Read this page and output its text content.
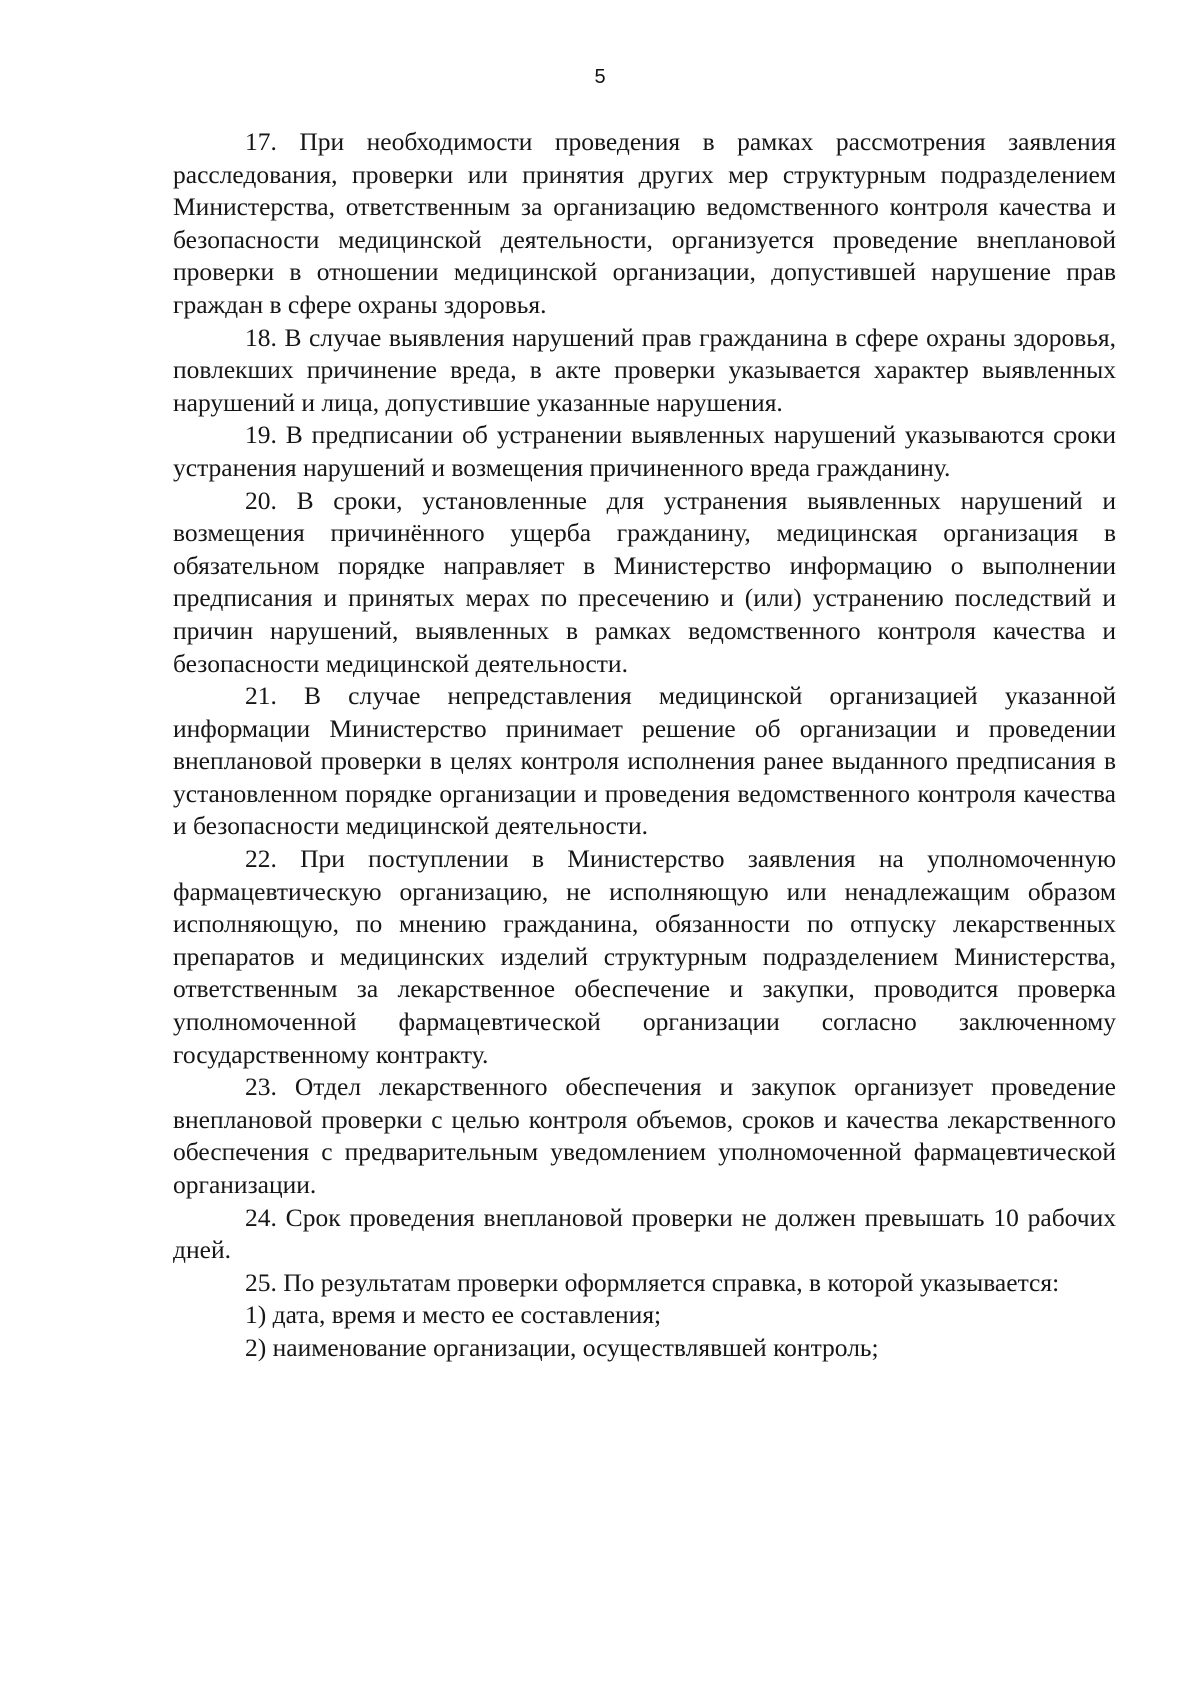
5

17. При необходимости проведения в рамках рассмотрения заявления расследования, проверки или принятия других мер структурным подразделением Министерства, ответственным за организацию ведомственного контроля качества и безопасности медицинской деятельности, организуется проведение внеплановой проверки в отношении медицинской организации, допустившей нарушение прав граждан в сфере охраны здоровья.

18. В случае выявления нарушений прав гражданина в сфере охраны здоровья, повлекших причинение вреда, в акте проверки указывается характер выявленных нарушений и лица, допустившие указанные нарушения.

19. В предписании об устранении выявленных нарушений указываются сроки устранения нарушений и возмещения причиненного вреда гражданину.

20. В сроки, установленные для устранения выявленных нарушений и возмещения причинённого ущерба гражданину, медицинская организация в обязательном порядке направляет в Министерство информацию о выполнении предписания и принятых мерах по пресечению и (или) устранению последствий и причин нарушений, выявленных в рамках ведомственного контроля качества и безопасности медицинской деятельности.

21. В случае непредставления медицинской организацией указанной информации Министерство принимает решение об организации и проведении внеплановой проверки в целях контроля исполнения ранее выданного предписания в установленном порядке организации и проведения ведомственного контроля качества и безопасности медицинской деятельности.

22. При поступлении в Министерство заявления на уполномоченную фармацевтическую организацию, не исполняющую или ненадлежащим образом исполняющую, по мнению гражданина, обязанности по отпуску лекарственных препаратов и медицинских изделий структурным подразделением Министерства, ответственным за лекарственное обеспечение и закупки, проводится проверка уполномоченной фармацевтической организации согласно заключенному государственному контракту.

23. Отдел лекарственного обеспечения и закупок организует проведение внеплановой проверки с целью контроля объемов, сроков и качества лекарственного обеспечения с предварительным уведомлением уполномоченной фармацевтической организации.

24. Срок проведения внеплановой проверки не должен превышать 10 рабочих дней.

25. По результатам проверки оформляется справка, в которой указывается:

1) дата, время и место ее составления;

2) наименование организации, осуществлявшей контроль;
